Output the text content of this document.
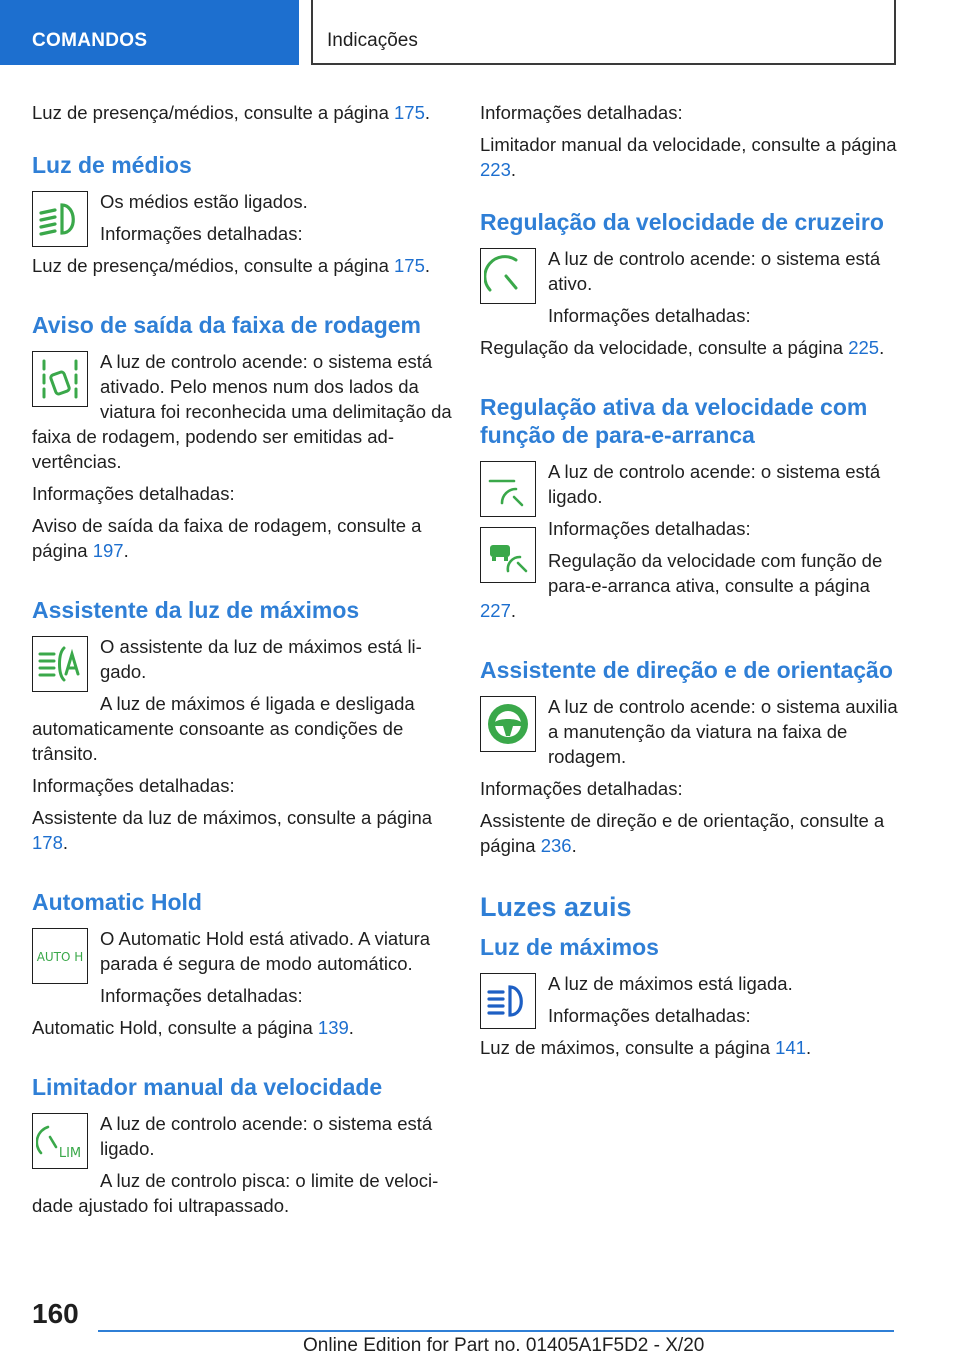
COMANDOS	Indicações

Luz de presença/médios, consulte a página 175.

Luz de médios

Os médios estão ligados.

Informações detalhadas:

Luz de presença/médios, consulte a página 175.

Aviso de saída da faixa de rodagem

A luz de controlo acende: o sistema está ativado. Pelo menos num dos lados da viatura foi reconhecida uma delimitação da faixa de rodagem, podendo ser emitidas advertências.

Informações detalhadas:

Aviso de saída da faixa de rodagem, consulte a página 197.

Assistente da luz de máximos

O assistente da luz de máximos está ligado.

A luz de máximos é ligada e desligada automaticamente consoante as condições de trânsito.

Informações detalhadas:

Assistente da luz de máximos, consulte a página 178.

Automatic Hold
AUTO H

O Automatic Hold está ativado. A viatura parada é segura de modo automático.

Informações detalhadas:

Automatic Hold, consulte a página 139.

Limitador manual da velocidade
LIM

A luz de controlo acende: o sistema está ligado.

A luz de controlo pisca: o limite de velocidade ajustado foi ultrapassado.

Informações detalhadas:

Limitador manual da velocidade, consulte a página 223.

Regulação da velocidade de cruzeiro

A luz de controlo acende: o sistema está ativo.

Informações detalhadas:

Regulação da velocidade, consulte a página 225.

Regulação ativa da velocidade com função de para-e-arranca

A luz de controlo acende: o sistema está ligado.

Informações detalhadas:

Regulação da velocidade com função de para-e-arranca ativa, consulte a página 227.

Assistente de direção e de orientação

A luz de controlo acende: o sistema auxilia a manutenção da viatura na faixa de rodagem.

Informações detalhadas:

Assistente de direção e de orientação, consulte a página 236.

Luzes azuis
Luz de máximos

A luz de máximos está ligada.

Informações detalhadas:

Luz de máximos, consulte a página 141.

160
Online Edition for Part no. 01405A1F5D2 - X/20
